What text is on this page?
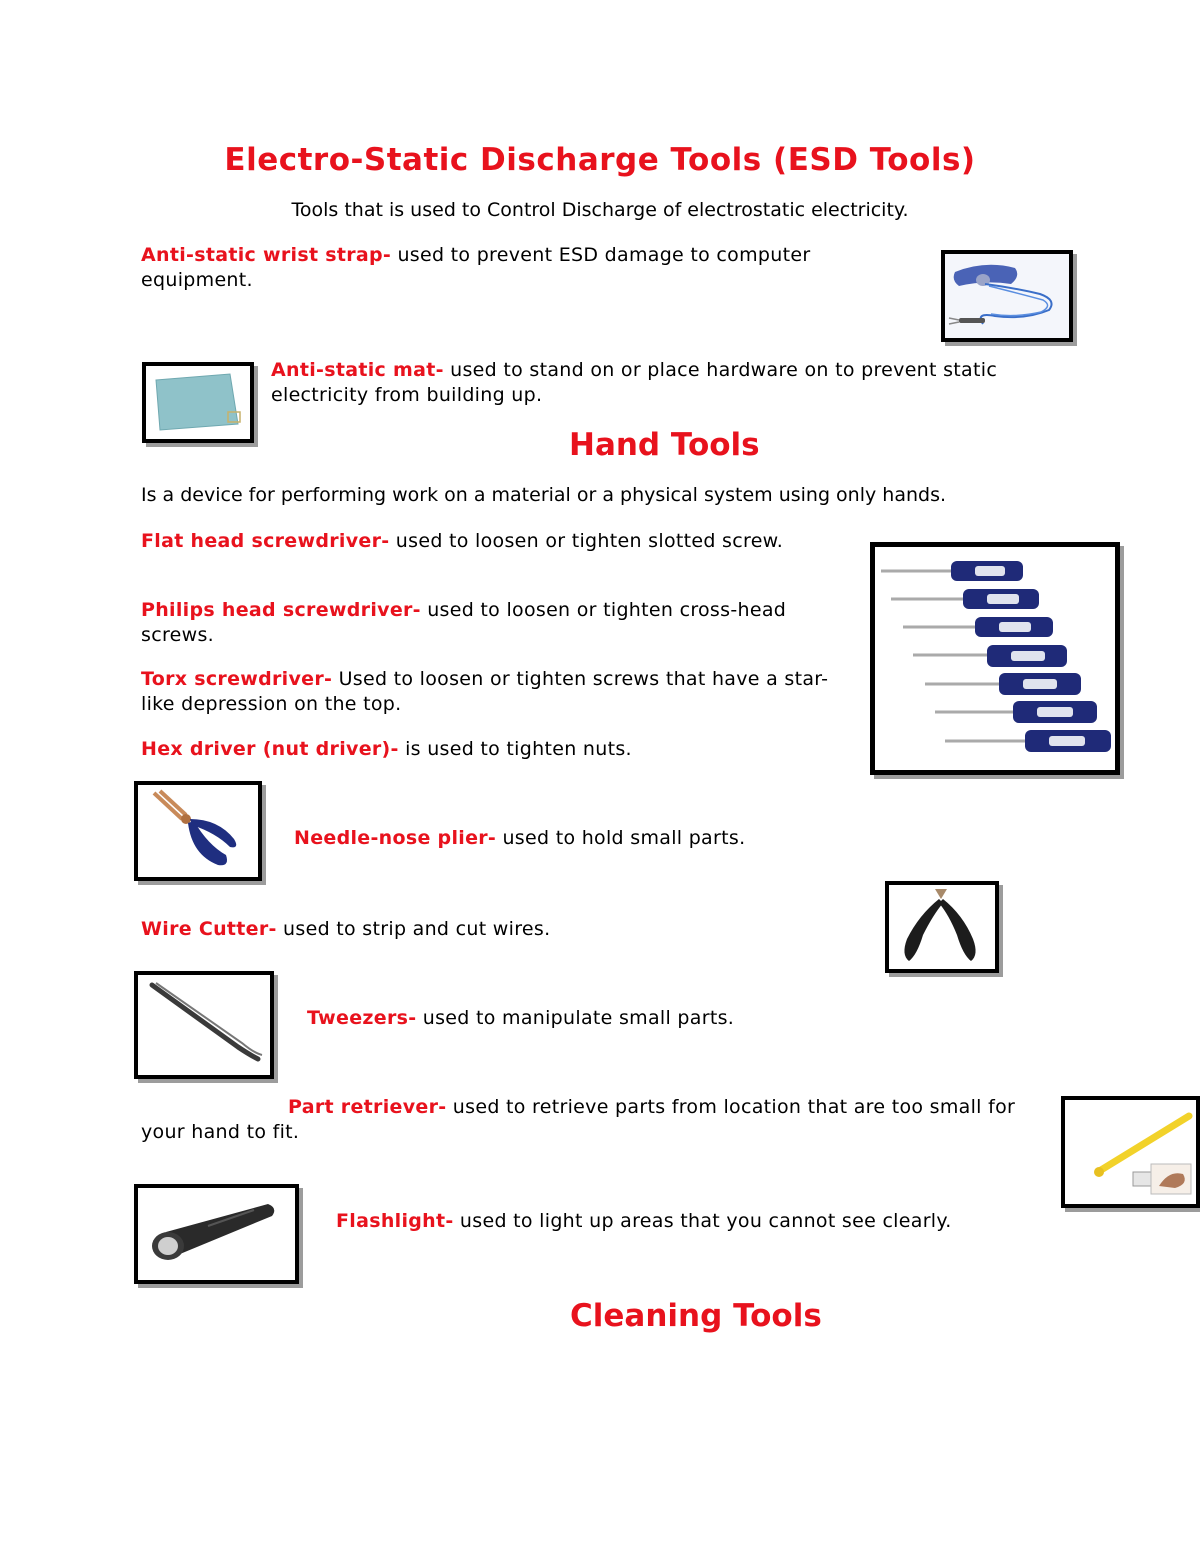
Electro-Static Discharge Tools (ESD Tools)
Tools that is used to Control Discharge of electrostatic electricity.
Anti-static wrist strap- used to prevent ESD damage to computer equipment.
Anti-static mat- used to stand on or place hardware on to prevent static electricity from building up.
Hand Tools
Is a device for performing work on a material or a physical system using only hands.
Flat head screwdriver- used to loosen or tighten slotted screw.
Philips head screwdriver- used to loosen or tighten cross-head screws.
Torx screwdriver- Used to loosen or tighten screws that have a star-like depression on the top.
Hex driver (nut driver)- is used to tighten nuts.
Needle-nose plier- used to hold small parts.
Wire Cutter- used to strip and cut wires.
Tweezers- used to manipulate small parts.
Part retriever- used to retrieve parts from location that are too small for your hand to fit.
Flashlight- used to light up areas that you cannot see clearly.
Cleaning Tools
